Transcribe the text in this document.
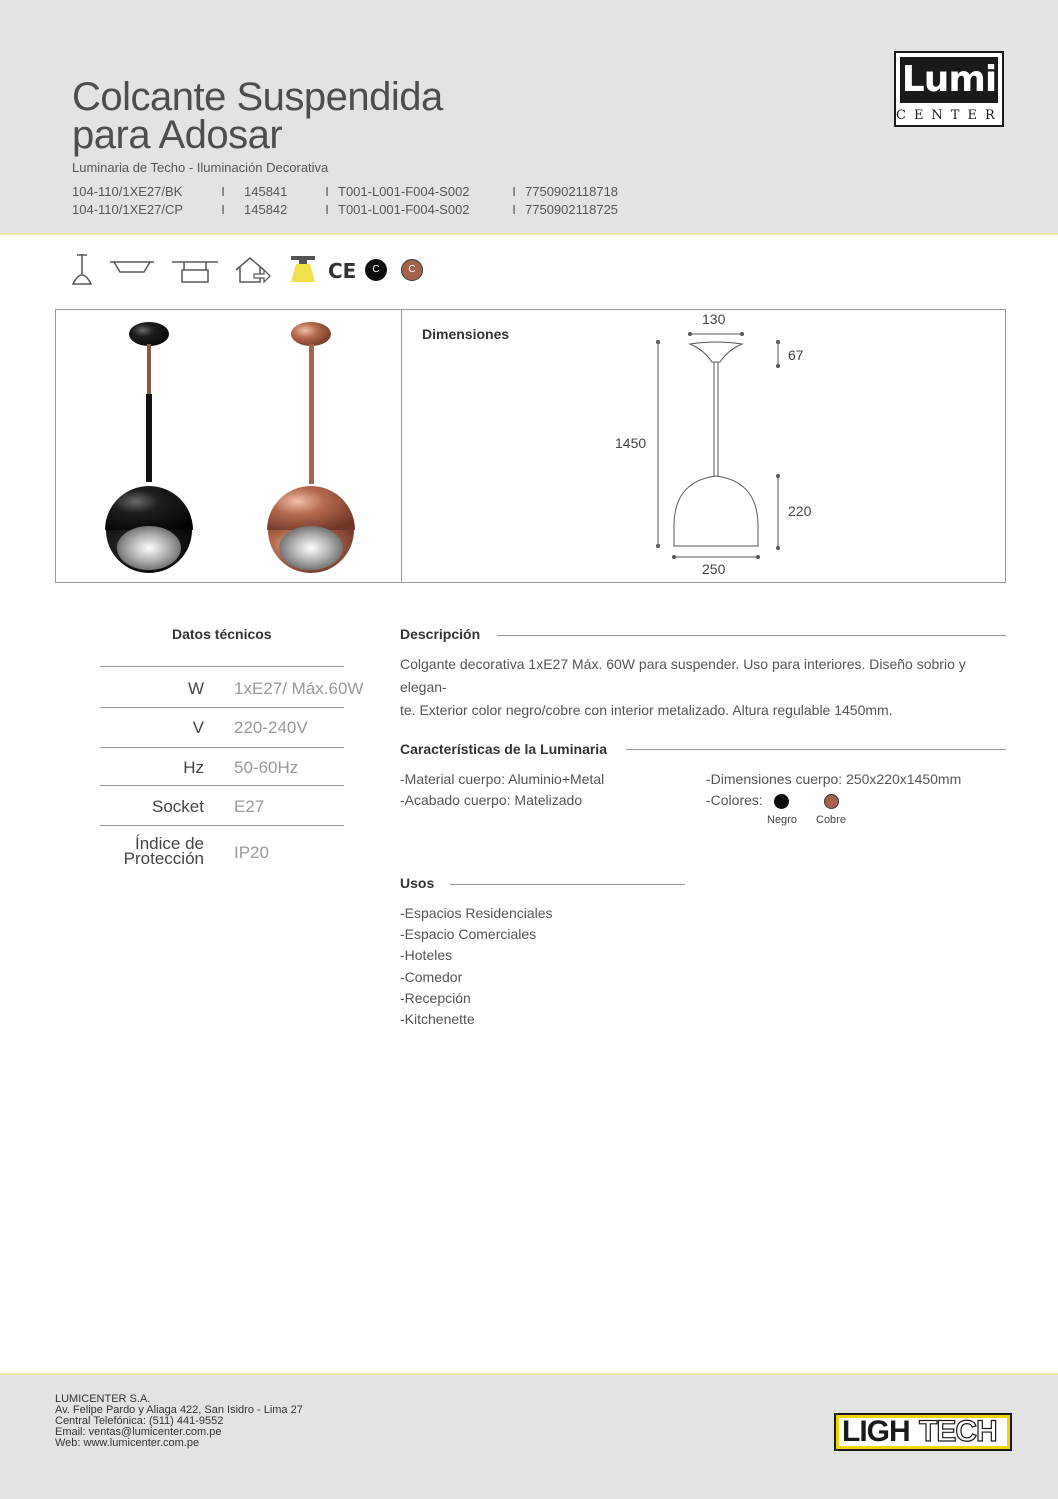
Colcante Suspendida
para Adosar
Luminaria de Techo - Iluminación Decorativa
104-110/1XE27/BK	I 145841	I T001-L001-F004-S002	I 7750902118718
104-110/1XE27/CP	I 145842	I T001-L001-F004-S002	I 7750902118725
Lumi
CENTER
CE	C	C
Dimensiones
130
67
1450
220
250
Datos técnicos
W 1xE27/ Máx.60W
V 220-240V
Hz 50-60Hz
Socket E27
Índice de
Protección IP20
Descripción
Colgante decorativa 1xE27 Máx. 60W para suspender. Uso para interiores. Diseño sobrio y elegan-
te. Exterior color negro/cobre con interior metalizado. Altura regulable 1450mm.
Características de la Luminaria
-Material cuerpo: Aluminio+Metal
-Acabado cuerpo: Matelizado
-Dimensiones cuerpo: 250x220x1450mm
-Colores:
Negro Cobre
Usos
-Espacios Residenciales
-Espacio Comerciales
-Hoteles
-Comedor
-Recepción
-Kitchenette
LUMICENTER S.A.
Av. Felipe Pardo y Aliaga 422, San Isidro - Lima 27
Central Telefónica: (511) 441-9552
Email: ventas@lumicenter.com.pe
Web: www.lumicenter.com.pe	LIGH TECH
